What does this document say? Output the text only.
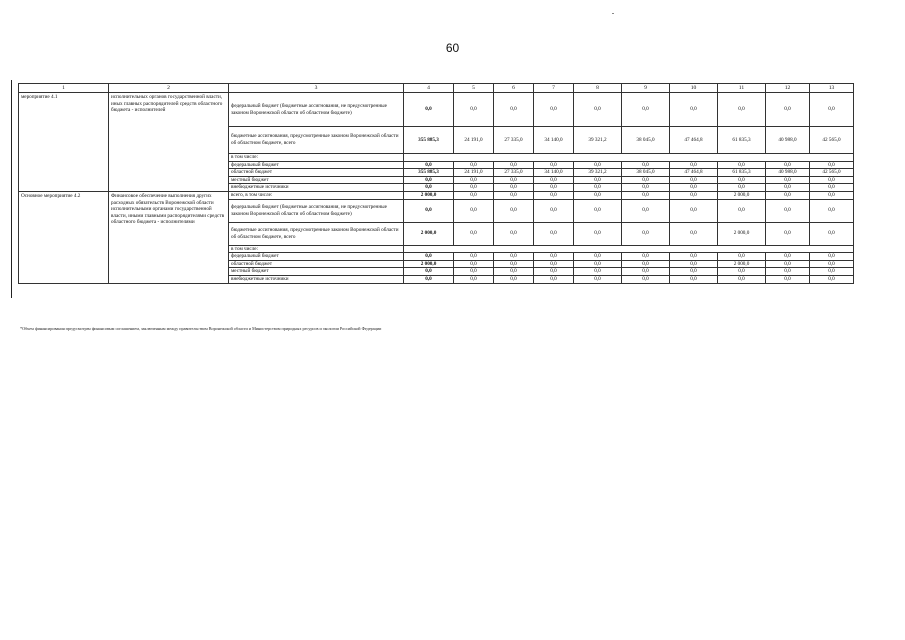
60
1	2	3	4	5	6	7	8	9	10	11	12	13
мероприятие 4.1	исполнительных органов государственной власти, иных главных распорядителей средств областного бюджета - исполнителей	федеральный бюджет (бюджетные ассигнования, не предусмотренные законом Воронежской области об областном бюджете)	0,0	0,0	0,0	0,0	0,0	0,0	0,0	0,0	0,0	0,0
		бюджетные ассигнования, предусмотренные законом Воронежской области об областном бюджете, всего	355 885,3	24 191,0	27 335,0	34 140,0	39 321,2	38 045,0	47 464,8	61 835,3	40 988,0	42 565,0
		в том числе:										
		федеральный бюджет	0,0	0,0	0,0	0,0	0,0	0,0	0,0	0,0	0,0	0,0
		областной бюджет	355 885,3	24 191,0	27 335,0	34 140,0	39 321,2	38 045,0	47 464,8	61 835,3	40 988,0	42 565,0
		местный бюджет	0,0	0,0	0,0	0,0	0,0	0,0	0,0	0,0	0,0	0,0
		внебюджетные источники	0,0	0,0	0,0	0,0	0,0	0,0	0,0	0,0	0,0	0,0
Основное мероприятие 4.2	Финансовое обеспечение выполнения других расходных обязательств Воронежской области исполнительными органами государственной власти, иными главными распорядителями средств областного бюджета - исполнителями	всего, в том числе:	2 000,0	0,0	0,0	0,0	0,0	0,0	0,0	2 000,0	0,0	0,0
		федеральный бюджет (бюджетные ассигнования, не предусмотренные законом Воронежской области об областном бюджете)	0,0	0,0	0,0	0,0	0,0	0,0	0,0	0,0	0,0	0,0
		бюджетные ассигнования, предусмотренные законом Воронежской области об областном бюджете, всего	2 000,0	0,0	0,0	0,0	0,0	0,0	0,0	2 000,0	0,0	0,0
		в том числе:										
		федеральный бюджет	0,0	0,0	0,0	0,0	0,0	0,0	0,0	0,0	0,0	0,0
		областной бюджет	2 000,0	0,0	0,0	0,0	0,0	0,0	0,0	2 000,0	0,0	0,0
		местный бюджет	0,0	0,0	0,0	0,0	0,0	0,0	0,0	0,0	0,0	0,0
		внебюджетные источники	0,0	0,0	0,0	0,0	0,0	0,0	0,0	0,0	0,0	0,0
*Объем финансирования предусмотрен финансовым соглашением, заключенным между правительством Воронежской области и Министерством природных ресурсов и экологии Российской Федерации
